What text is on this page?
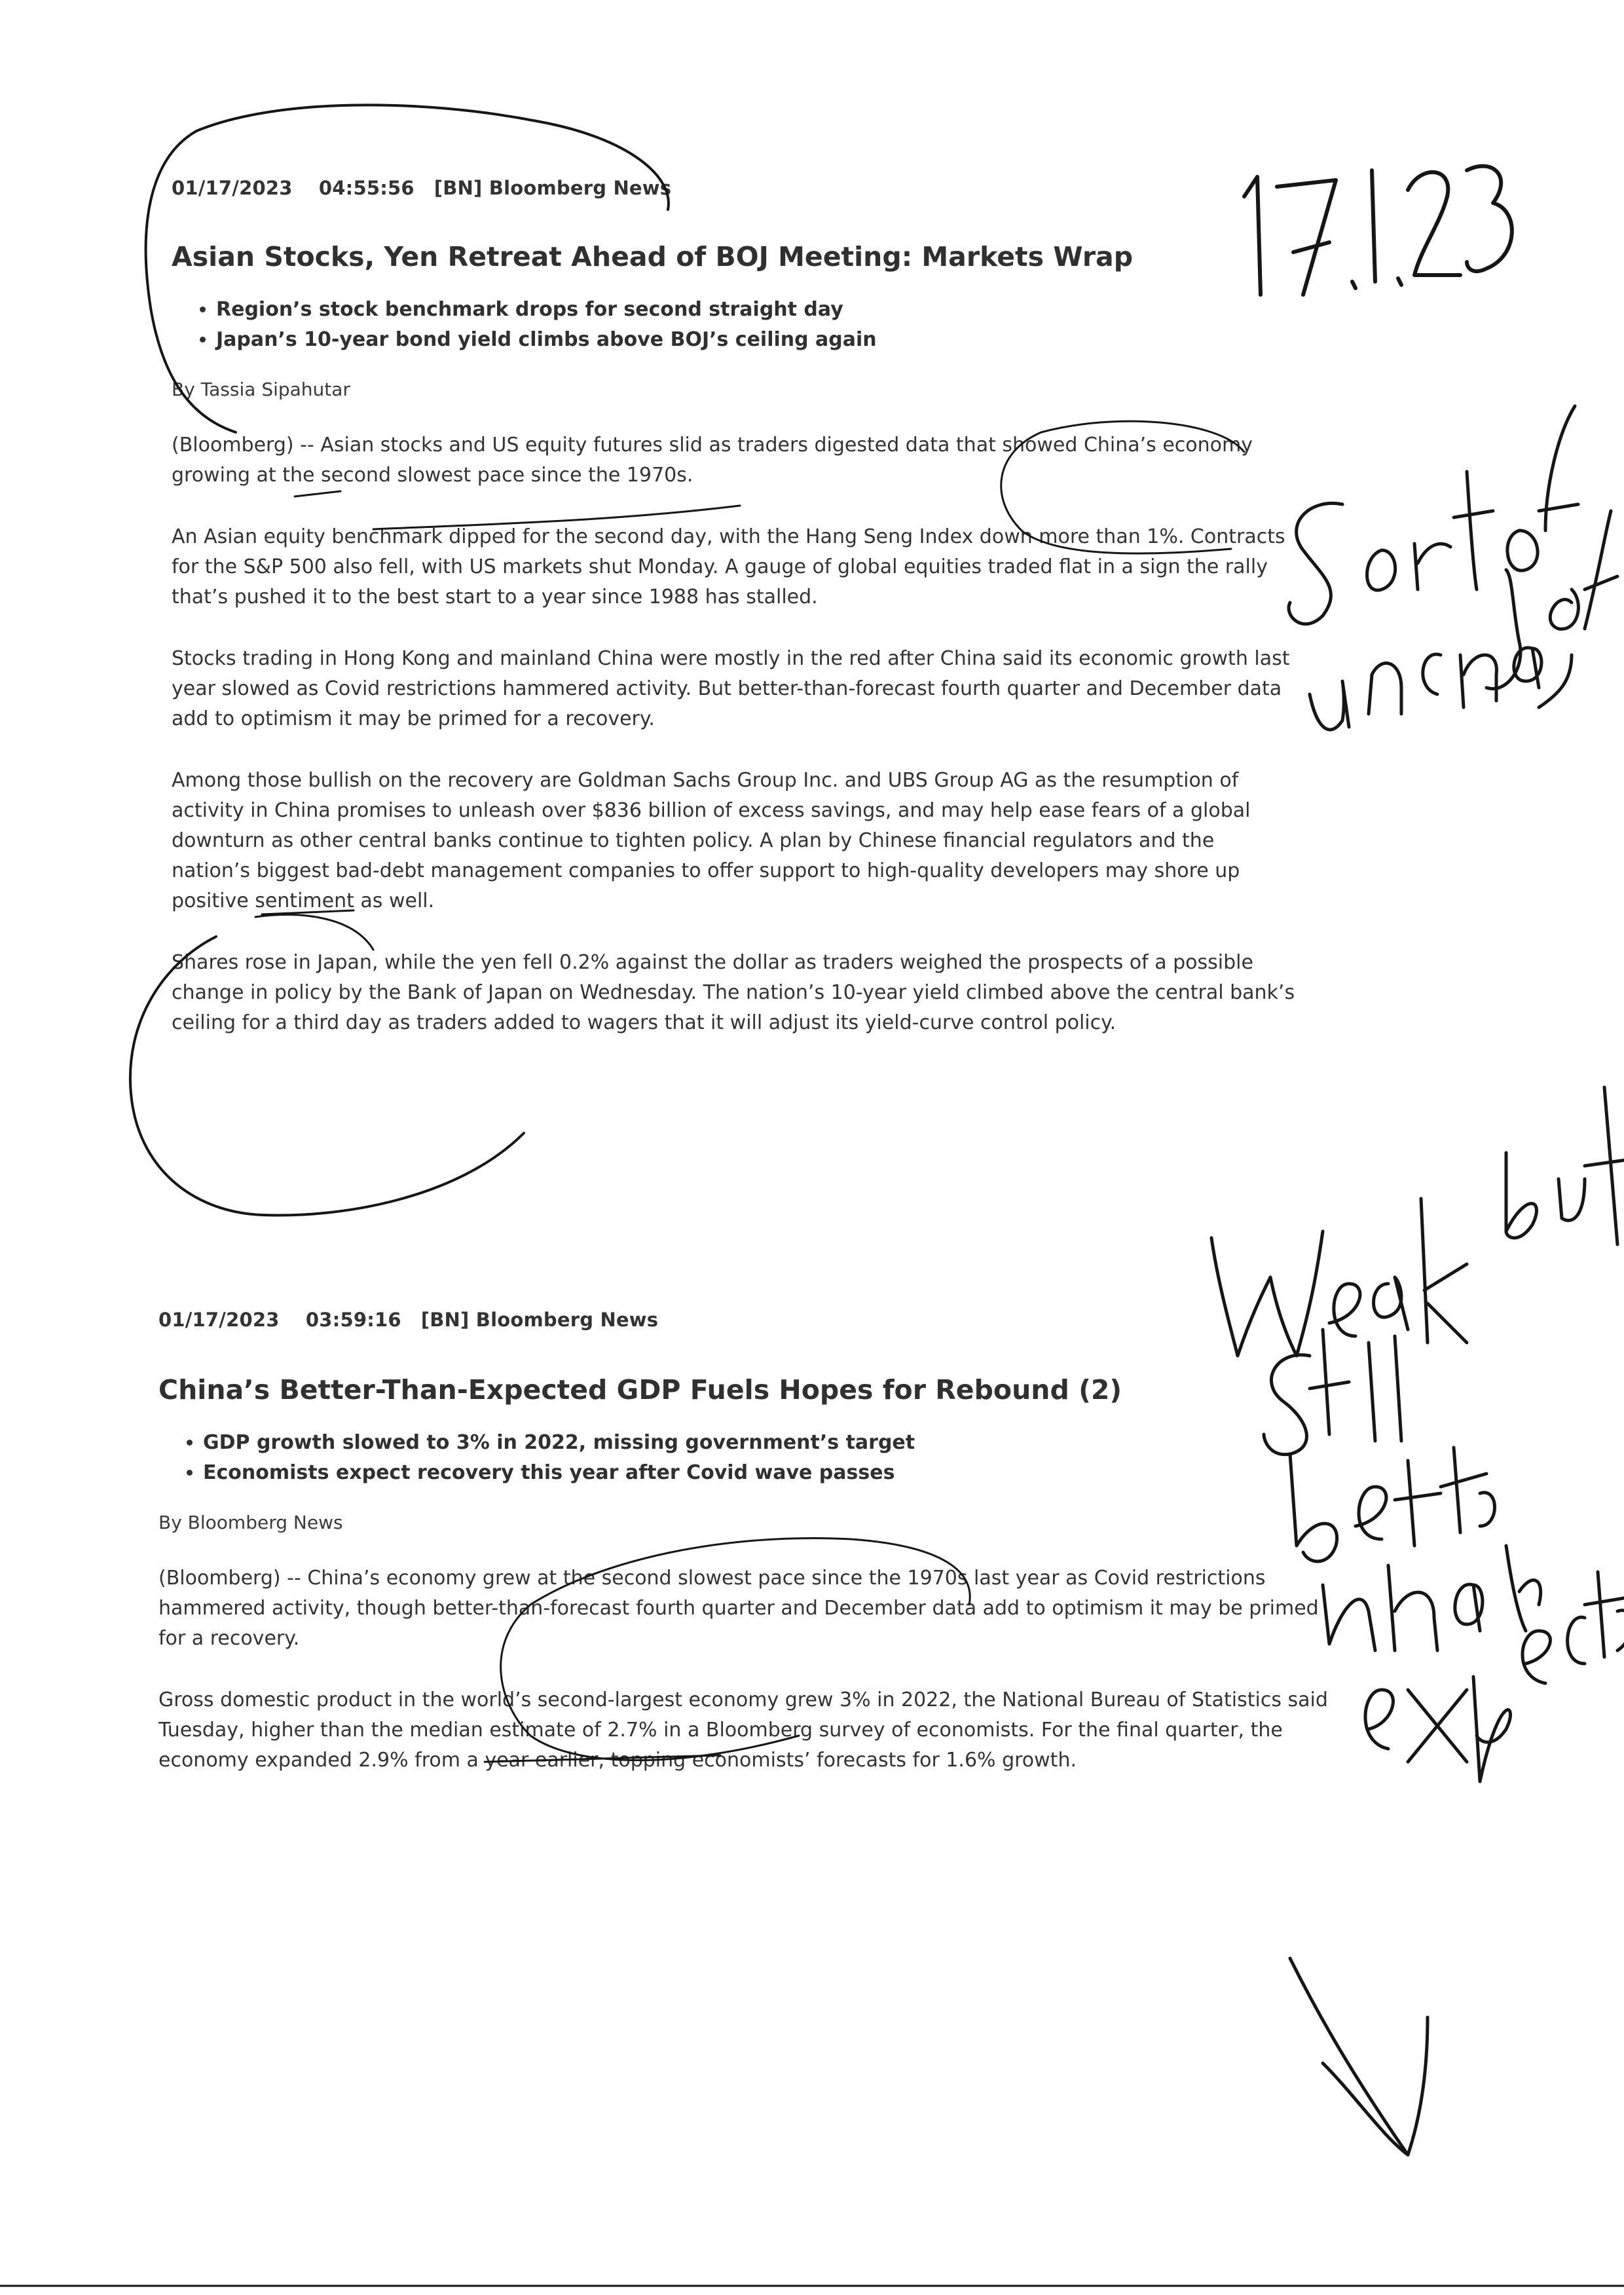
01/17/2023 04:55:56 [BN] Bloomberg News
Asian Stocks, Yen Retreat Ahead of BOJ Meeting: Markets Wrap
• Region’s stock benchmark drops for second straight day
• Japan’s 10-year bond yield climbs above BOJ’s ceiling again
By Tassia Sipahutar

(Bloomberg) -- Asian stocks and US equity futures slid as traders digested data that showed China’s economy growing at the second slowest pace since the 1970s.

An Asian equity benchmark dipped for the second day, with the Hang Seng Index down more than 1%. Contracts for the S&P 500 also fell, with US markets shut Monday. A gauge of global equities traded flat in a sign the rally that’s pushed it to the best start to a year since 1988 has stalled.

Stocks trading in Hong Kong and mainland China were mostly in the red after China said its economic growth last year slowed as Covid restrictions hammered activity. But better-than-forecast fourth quarter and December data add to optimism it may be primed for a recovery.

Among those bullish on the recovery are Goldman Sachs Group Inc. and UBS Group AG as the resumption of activity in China promises to unleash over $836 billion of excess savings, and may help ease fears of a global downturn as other central banks continue to tighten policy. A plan by Chinese financial regulators and the nation’s biggest bad-debt management companies to offer support to high-quality developers may shore up positive sentiment as well.

Shares rose in Japan, while the yen fell 0.2% against the dollar as traders weighed the prospects of a possible change in policy by the Bank of Japan on Wednesday. The nation’s 10-year yield climbed above the central bank’s ceiling for a third day as traders added to wagers that it will adjust its yield-curve control policy.

01/17/2023 03:59:16 [BN] Bloomberg News
China’s Better-Than-Expected GDP Fuels Hopes for Rebound (2)
• GDP growth slowed to 3% in 2022, missing government’s target
• Economists expect recovery this year after Covid wave passes
By Bloomberg News

(Bloomberg) -- China’s economy grew at the second slowest pace since the 1970s last year as Covid restrictions hammered activity, though better-than-forecast fourth quarter and December data add to optimism it may be primed for a recovery.

Gross domestic product in the world’s second-largest economy grew 3% in 2022, the National Bureau of Statistics said Tuesday, higher than the median estimate of 2.7% in a Bloomberg survey of economists. For the final quarter, the economy expanded 2.9% from a year earlier, topping economists’ forecasts for 1.6% growth.
